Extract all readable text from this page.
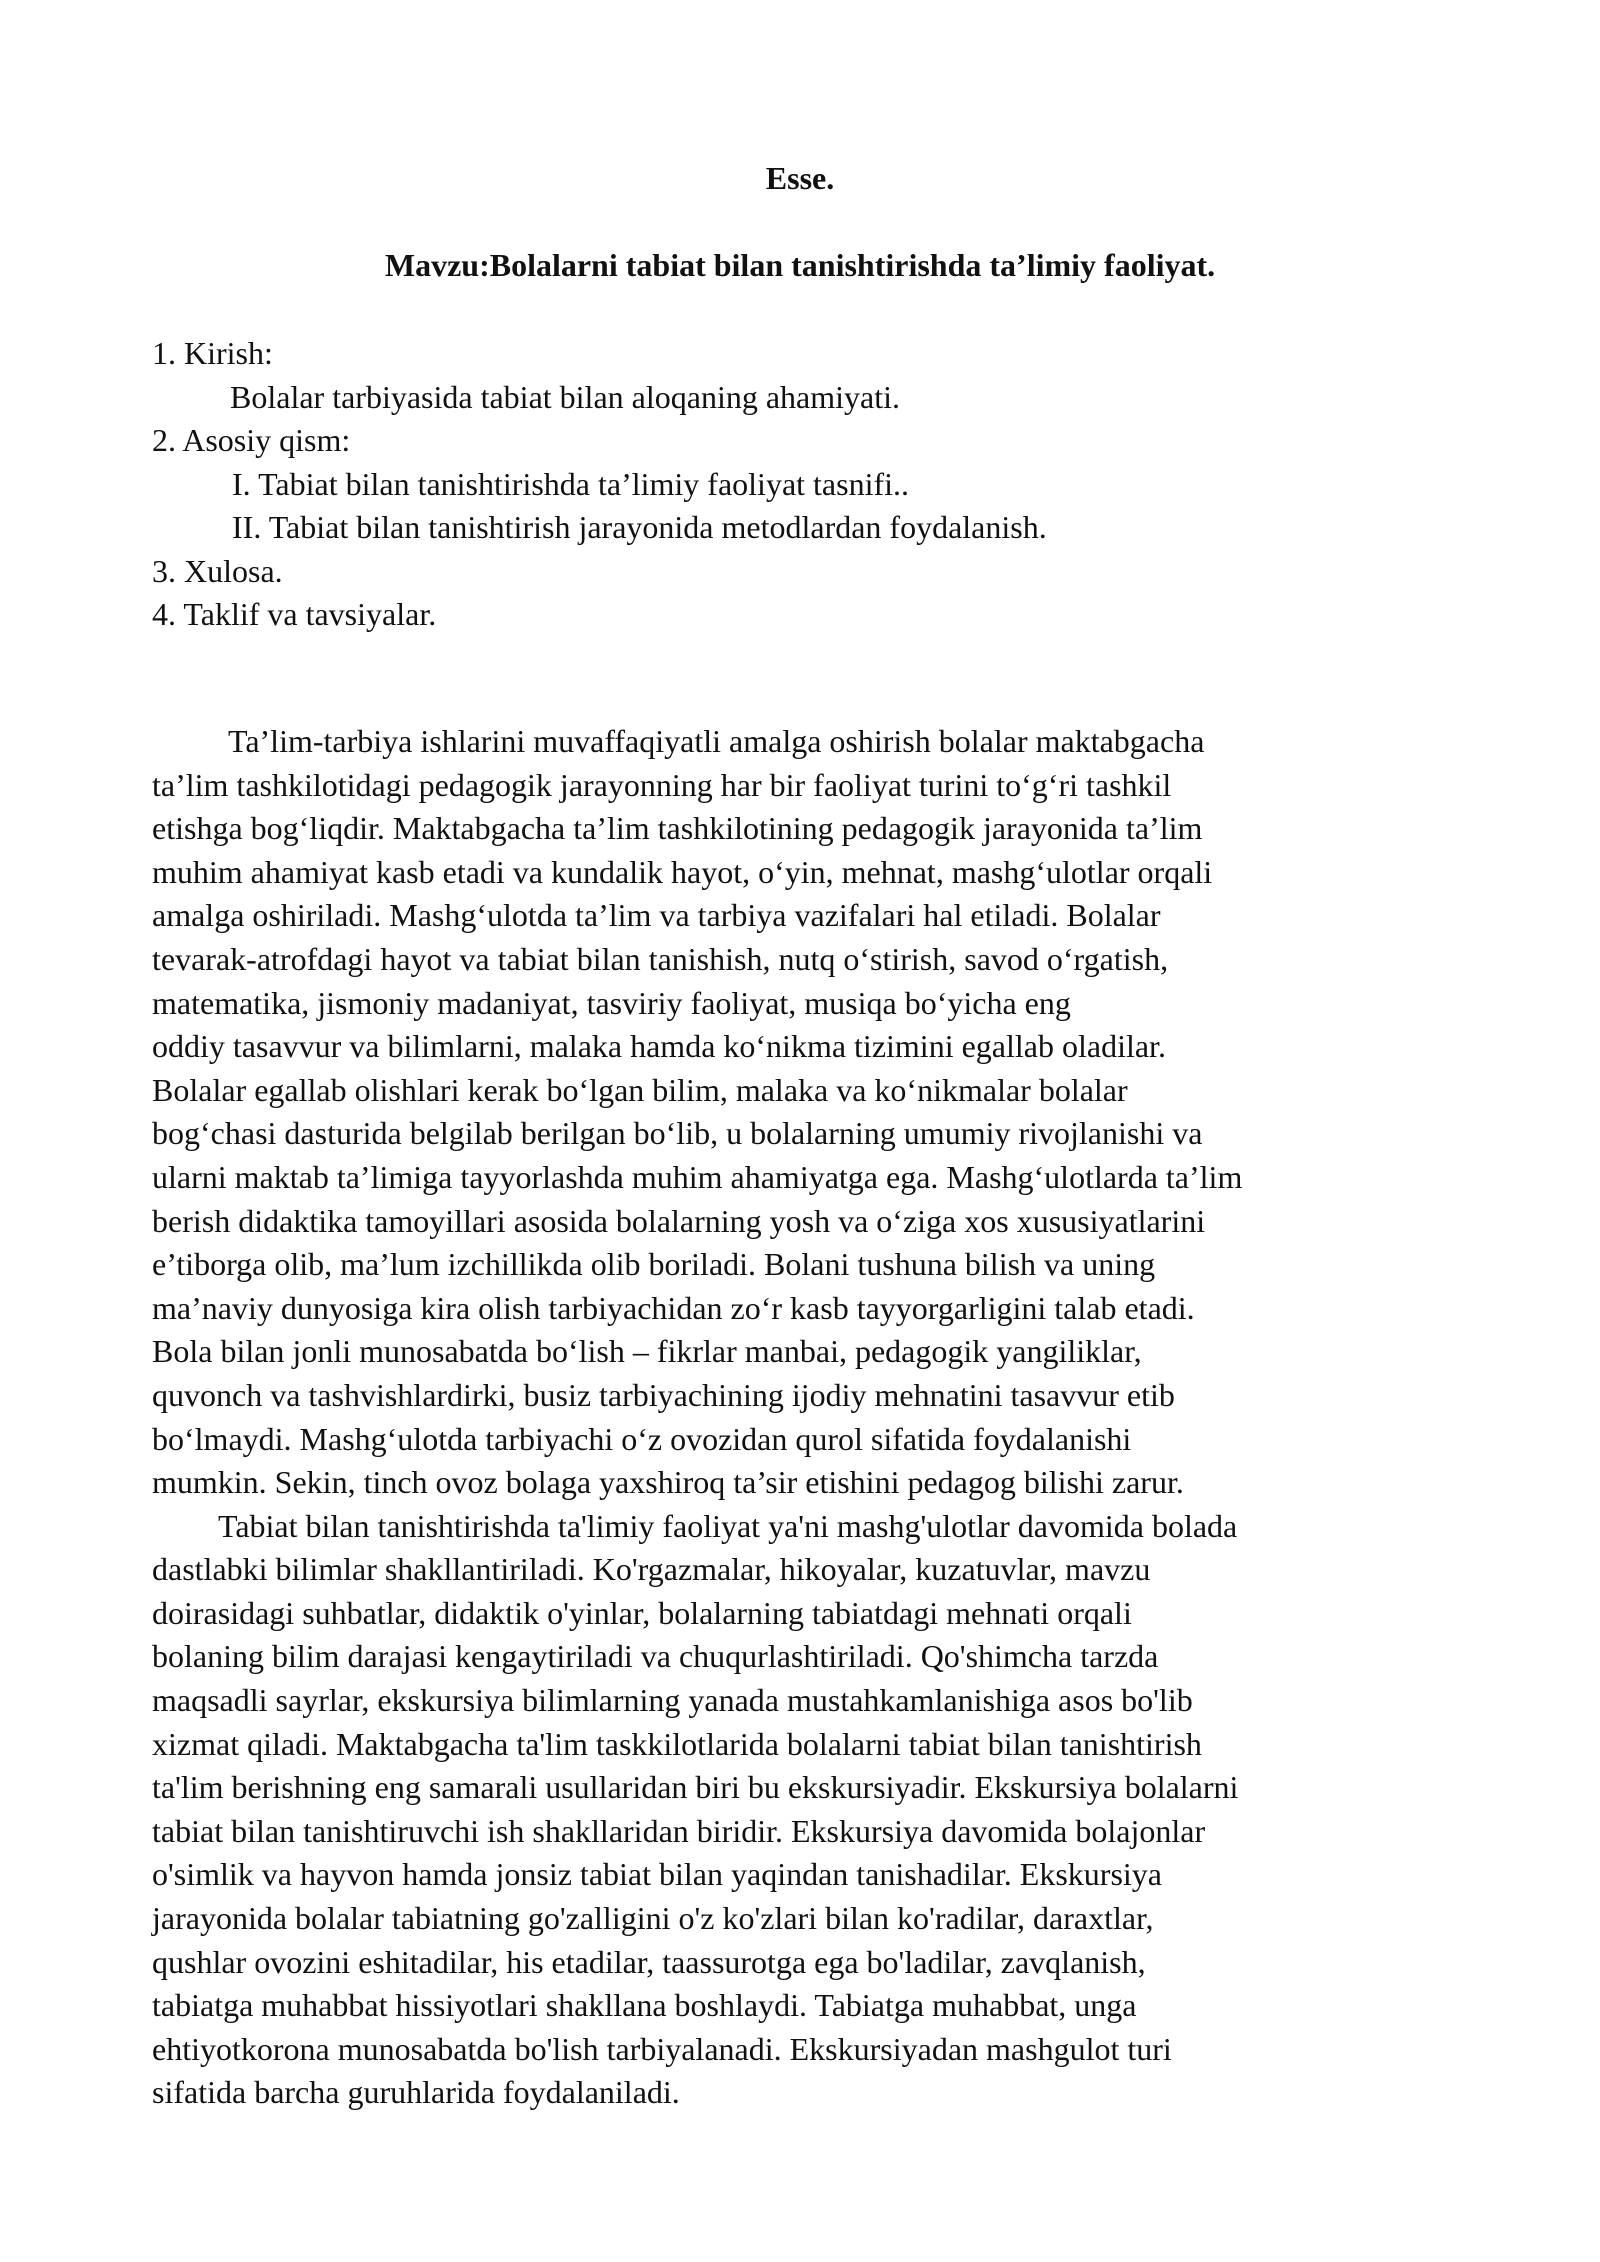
Esse.
Mavzu:Bolalarni tabiat bilan tanishtirishda ta’limiy faoliyat.
1. Kirish:
Bolalar tarbiyasida tabiat bilan aloqaning ahamiyati.
2. Asosiy qism:
I. Tabiat bilan tanishtirishda ta’limiy faoliyat tasnifi..
II. Tabiat bilan tanishtirish jarayonida metodlardan foydalanish.
3. Xulosa.
4. Taklif va tavsiyalar.

Ta’lim-tarbiya ishlarini muvaffaqiyatli amalga oshirish bolalar maktabgacha
ta’lim tashkilotidagi pedagogik jarayonning har bir faoliyat turini to‘g‘ri tashkil
etishga bog‘liqdir. Maktabgacha ta’lim tashkilotining pedagogik jarayonida ta’lim
muhim ahamiyat kasb etadi va kundalik hayot, o‘yin, mehnat, mashg‘ulotlar orqali
amalga oshiriladi. Mashg‘ulotda ta’lim va tarbiya vazifalari hal etiladi. Bolalar
tevarak-atrofdagi hayot va tabiat bilan tanishish, nutq o‘stirish, savod o‘rgatish,
matematika, jismoniy madaniyat, tasviriy faoliyat, musiqa bo‘yicha eng
oddiy tasavvur va bilimlarni, malaka hamda ko‘nikma tizimini egallab oladilar.
Bolalar egallab olishlari kerak bo‘lgan bilim, malaka va ko‘nikmalar bolalar
bog‘chasi dasturida belgilab berilgan bo‘lib, u bolalarning umumiy rivojlanishi va
ularni maktab ta’limiga tayyorlashda muhim ahamiyatga ega. Mashg‘ulotlarda ta’lim
berish didaktika tamoyillari asosida bolalarning yosh va o‘ziga xos xususiyatlarini
e’tiborga olib, ma’lum izchillikda olib boriladi. Bolani tushuna bilish va uning
ma’naviy dunyosiga kira olish tarbiyachidan zo‘r kasb tayyorgarligini talab etadi.
Bola bilan jonli munosabatda bo‘lish – fikrlar manbai, pedagogik yangiliklar,
quvonch va tashvishlardirki, busiz tarbiyachining ijodiy mehnatini tasavvur etib
bo‘lmaydi. Mashg‘ulotda tarbiyachi o‘z ovozidan qurol sifatida foydalanishi
mumkin. Sekin, tinch ovoz bolaga yaxshiroq ta’sir etishini pedagog bilishi zarur.

Tabiat bilan tanishtirishda ta'limiy faoliyat ya'ni mashg'ulotlar davomida bolada
dastlabki bilimlar shakllantiriladi. Ko'rgazmalar, hikoyalar, kuzatuvlar, mavzu
doirasidagi suhbatlar, didaktik o'yinlar, bolalarning tabiatdagi mehnati orqali
bolaning bilim darajasi kengaytiriladi va chuqurlashtiriladi. Qo'shimcha tarzda
maqsadli sayrlar, ekskursiya bilimlarning yanada mustahkamlanishiga asos bo'lib
xizmat qiladi. Maktabgacha ta'lim taskkilotlarida bolalarni tabiat bilan tanishtirish
ta'lim berishning eng samarali usullaridan biri bu ekskursiyadir. Ekskursiya bolalarni
tabiat bilan tanishtiruvchi ish shakllaridan biridir. Ekskursiya davomida bolajonlar
o'simlik va hayvon hamda jonsiz tabiat bilan yaqindan tanishadilar. Ekskursiya
jarayonida bolalar tabiatning go'zalligini o'z ko'zlari bilan ko'radilar, daraxtlar,
qushlar ovozini eshitadilar, his etadilar, taassurotga ega bo'ladilar, zavqlanish,
tabiatga muhabbat hissiyotlari shakllana boshlaydi. Tabiatga muhabbat, unga
ehtiyotkorona munosabatda bo'lish tarbiyalanadi. Ekskursiyadan mashgulot turi
sifatida barcha guruhlarida foydalaniladi.
